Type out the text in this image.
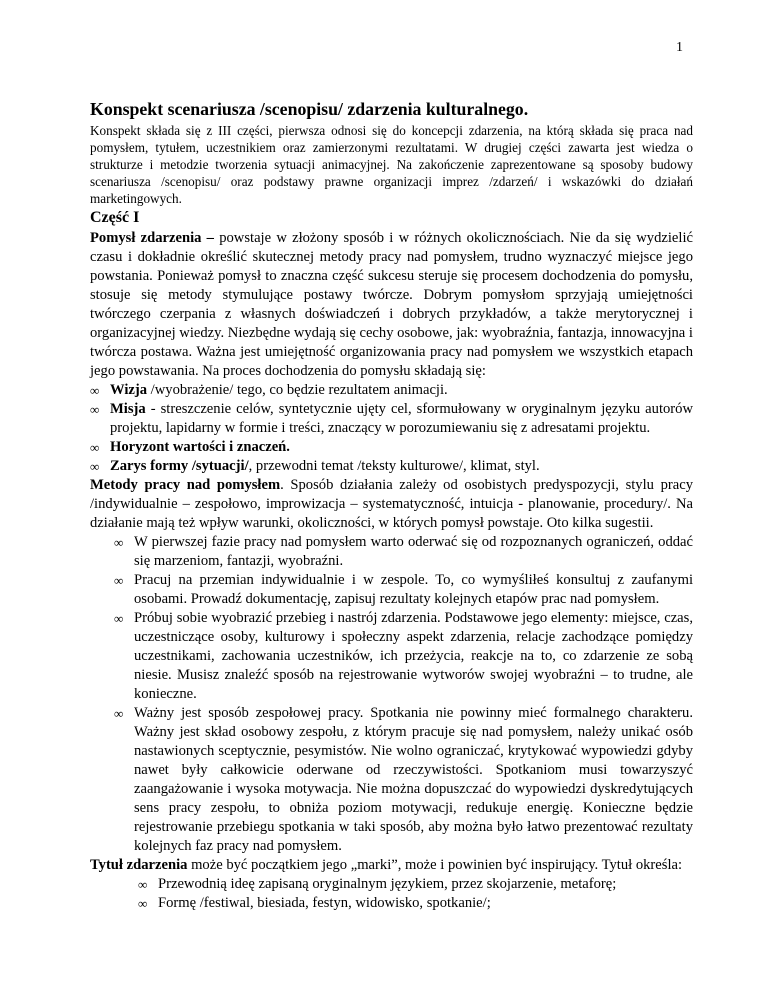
1
Konspekt scenariusza /scenopisu/ zdarzenia kulturalnego.

Konspekt składa się z III części, pierwsza odnosi się do koncepcji zdarzenia, na którą składa się praca nad pomysłem, tytułem, uczestnikiem oraz zamierzonymi rezultatami. W drugiej części zawarta jest wiedza o strukturze i metodzie tworzenia sytuacji animacyjnej. Na zakończenie zaprezentowane są sposoby budowy scenariusza /scenopisu/ oraz podstawy prawne organizacji imprez /zdarzeń/ i wskazówki do działań marketingowych.

Część I

Pomysł zdarzenia – powstaje w złożony sposób i w różnych okolicznościach. Nie da się wydzielić czasu i dokładnie określić skutecznej metody pracy nad pomysłem, trudno wyznaczyć miejsce jego powstania. Ponieważ pomysł to znaczna część sukcesu steruje się procesem dochodzenia do pomysłu, stosuje się metody stymulujące postawy twórcze. Dobrym pomysłom sprzyjają umiejętności twórczego czerpania z własnych doświadczeń i dobrych przykładów, a także merytorycznej i organizacyjnej wiedzy. Niezbędne wydają się cechy osobowe, jak: wyobraźnia, fantazja, innowacyjna i twórcza postawa. Ważna jest umiejętność organizowania pracy nad pomysłem we wszystkich etapach jego powstawania. Na proces dochodzenia do pomysłu składają się:

∞ Wizja /wyobrażenie/ tego, co będzie rezultatem animacji.
∞ Misja - streszczenie celów, syntetycznie ujęty cel, sformułowany w oryginalnym języku autorów projektu, lapidarny w formie i treści, znaczący w porozumiewaniu się z adresatami projektu.
∞ Horyzont wartości i znaczeń.
∞ Zarys formy /sytuacji/, przewodni temat /teksty kulturowe/, klimat, styl.

Metody pracy nad pomysłem. Sposób działania zależy od osobistych predyspozycji, stylu pracy /indywidualnie – zespołowo, improwizacja – systematyczność, intuicja - planowanie, procedury/. Na działanie mają też wpływ warunki, okoliczności, w których pomysł powstaje. Oto kilka sugestii.

∞ W pierwszej fazie pracy nad pomysłem warto oderwać się od rozpoznanych ograniczeń, oddać się marzeniom, fantazji, wyobraźni.
∞ Pracuj na przemian indywidualnie i w zespole. To, co wymyśliłeś konsultuj z zaufanymi osobami. Prowadź dokumentację, zapisuj rezultaty kolejnych etapów prac nad pomysłem.
∞ Próbuj sobie wyobrazić przebieg i nastrój zdarzenia. Podstawowe jego elementy: miejsce, czas, uczestniczące osoby, kulturowy i społeczny aspekt zdarzenia, relacje zachodzące pomiędzy uczestnikami, zachowania uczestników, ich przeżycia, reakcje na to, co zdarzenie ze sobą niesie. Musisz znaleźć sposób na rejestrowanie wytworów swojej wyobraźni – to trudne, ale konieczne.
∞ Ważny jest sposób zespołowej pracy. Spotkania nie powinny mieć formalnego charakteru. Ważny jest skład osobowy zespołu, z którym pracuje się nad pomysłem, należy unikać osób nastawionych sceptycznie, pesymistów. Nie wolno ograniczać, krytykować wypowiedzi gdyby nawet były całkowicie oderwane od rzeczywistości. Spotkaniom musi towarzyszyć zaangażowanie i wysoka motywacja. Nie można dopuszczać do wypowiedzi dyskredytujących sens pracy zespołu, to obniża poziom motywacji, redukuje energię. Konieczne będzie rejestrowanie przebiegu spotkania w taki sposób, aby można było łatwo prezentować rezultaty kolejnych faz pracy nad pomysłem.

Tytuł zdarzenia może być początkiem jego „marki”, może i powinien być inspirujący. Tytuł określa:

∞ Przewodnią ideę zapisaną oryginalnym językiem, przez skojarzenie, metaforę;
∞ Formę /festiwal, biesiada, festyn, widowisko, spotkanie/;
